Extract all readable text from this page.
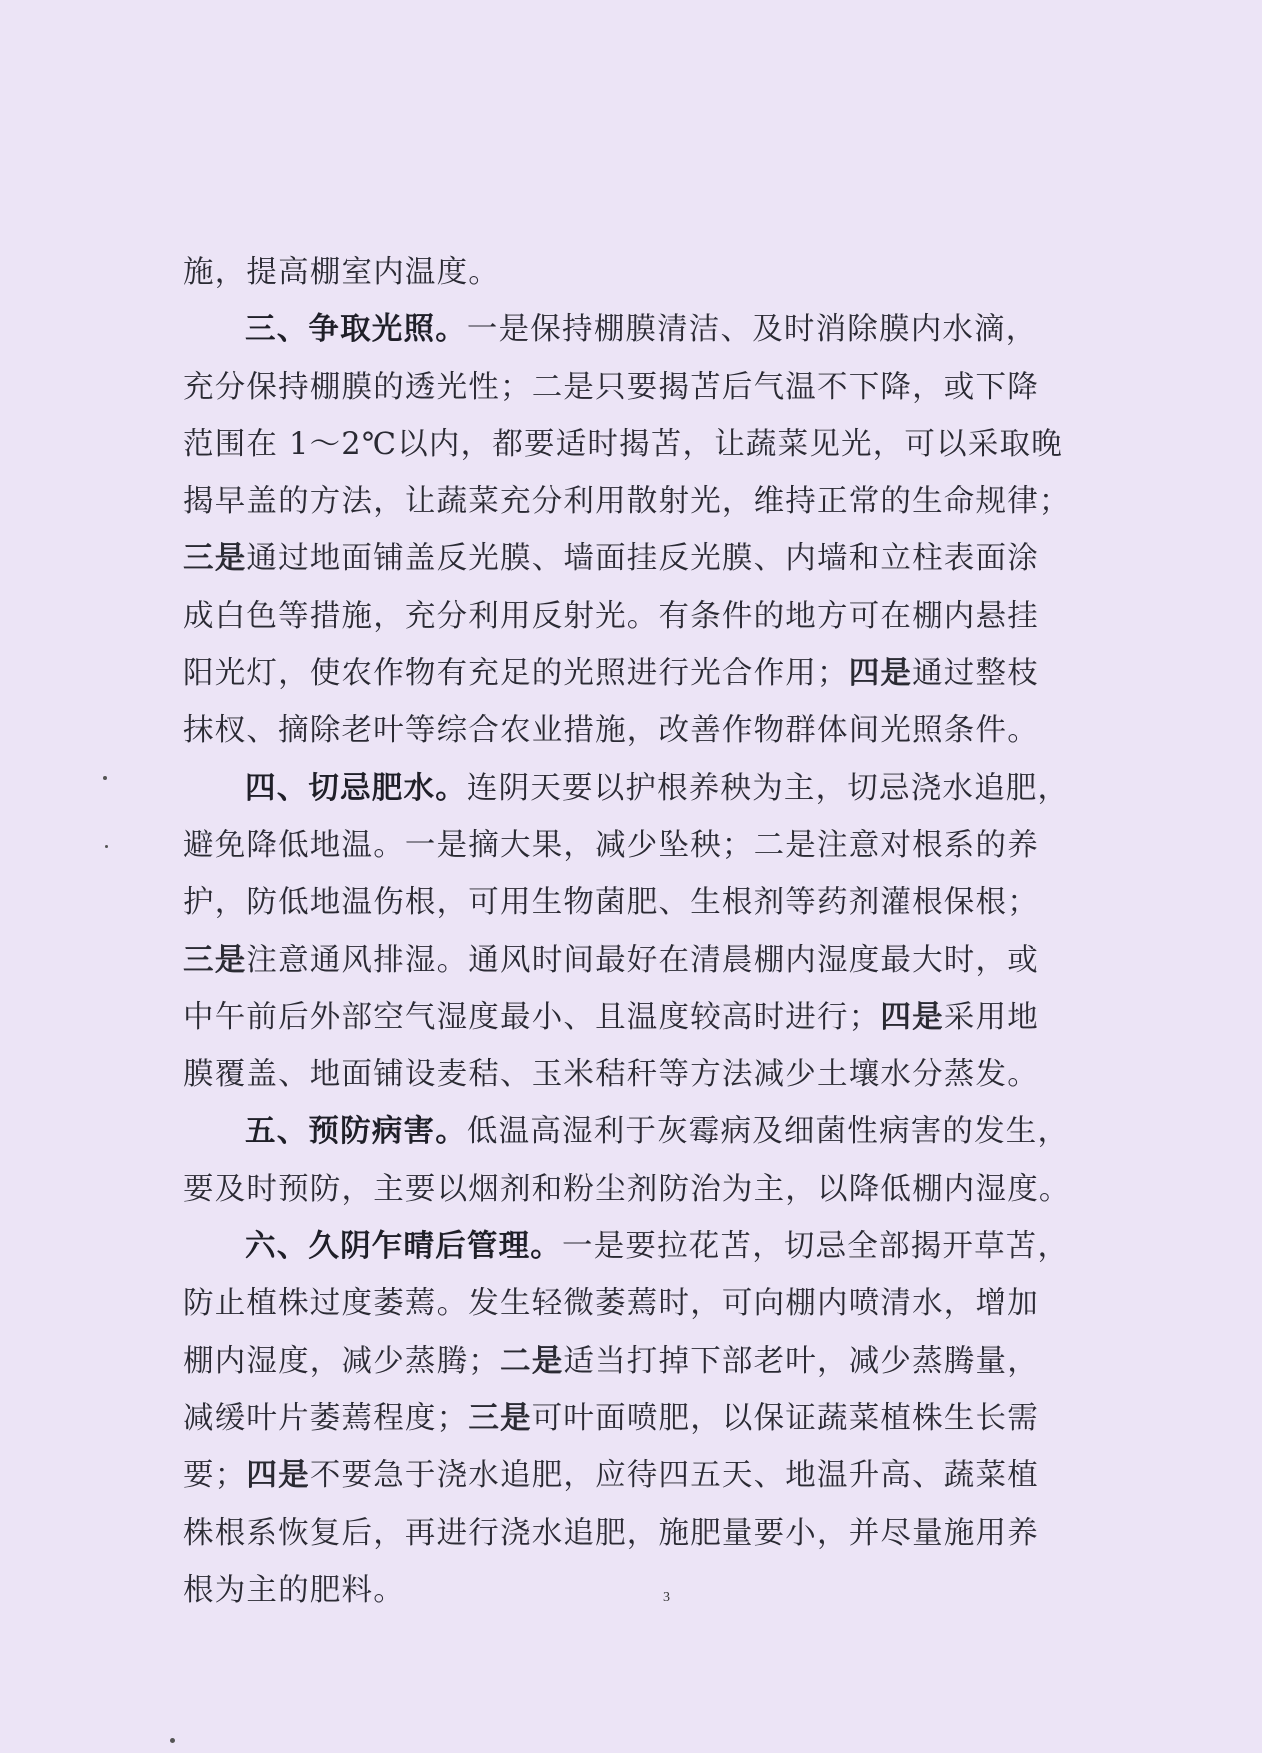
施，提高棚室内温度。
三、争取光照。一是保持棚膜清洁、及时消除膜内水滴，
充分保持棚膜的透光性；二是只要揭苫后气温不下降，或下降
范围在 1～2℃以内，都要适时揭苫，让蔬菜见光，可以采取晚
揭早盖的方法，让蔬菜充分利用散射光，维持正常的生命规律；
三是通过地面铺盖反光膜、墙面挂反光膜、内墙和立柱表面涂
成白色等措施，充分利用反射光。有条件的地方可在棚内悬挂
阳光灯，使农作物有充足的光照进行光合作用；四是通过整枝
抹杈、摘除老叶等综合农业措施，改善作物群体间光照条件。
四、切忌肥水。连阴天要以护根养秧为主，切忌浇水追肥，
避免降低地温。一是摘大果，减少坠秧；二是注意对根系的养
护，防低地温伤根，可用生物菌肥、生根剂等药剂灌根保根；
三是注意通风排湿。通风时间最好在清晨棚内湿度最大时，或
中午前后外部空气湿度最小、且温度较高时进行；四是采用地
膜覆盖、地面铺设麦秸、玉米秸秆等方法减少土壤水分蒸发。
五、预防病害。低温高湿利于灰霉病及细菌性病害的发生，
要及时预防，主要以烟剂和粉尘剂防治为主，以降低棚内湿度。
六、久阴乍晴后管理。一是要拉花苫，切忌全部揭开草苫，
防止植株过度萎蔫。发生轻微萎蔫时，可向棚内喷清水，增加
棚内湿度，减少蒸腾；二是适当打掉下部老叶，减少蒸腾量，
减缓叶片萎蔫程度；三是可叶面喷肥，以保证蔬菜植株生长需
要；四是不要急于浇水追肥，应待四五天、地温升高、蔬菜植
株根系恢复后，再进行浇水追肥，施肥量要小，并尽量施用养
根为主的肥料。	3
